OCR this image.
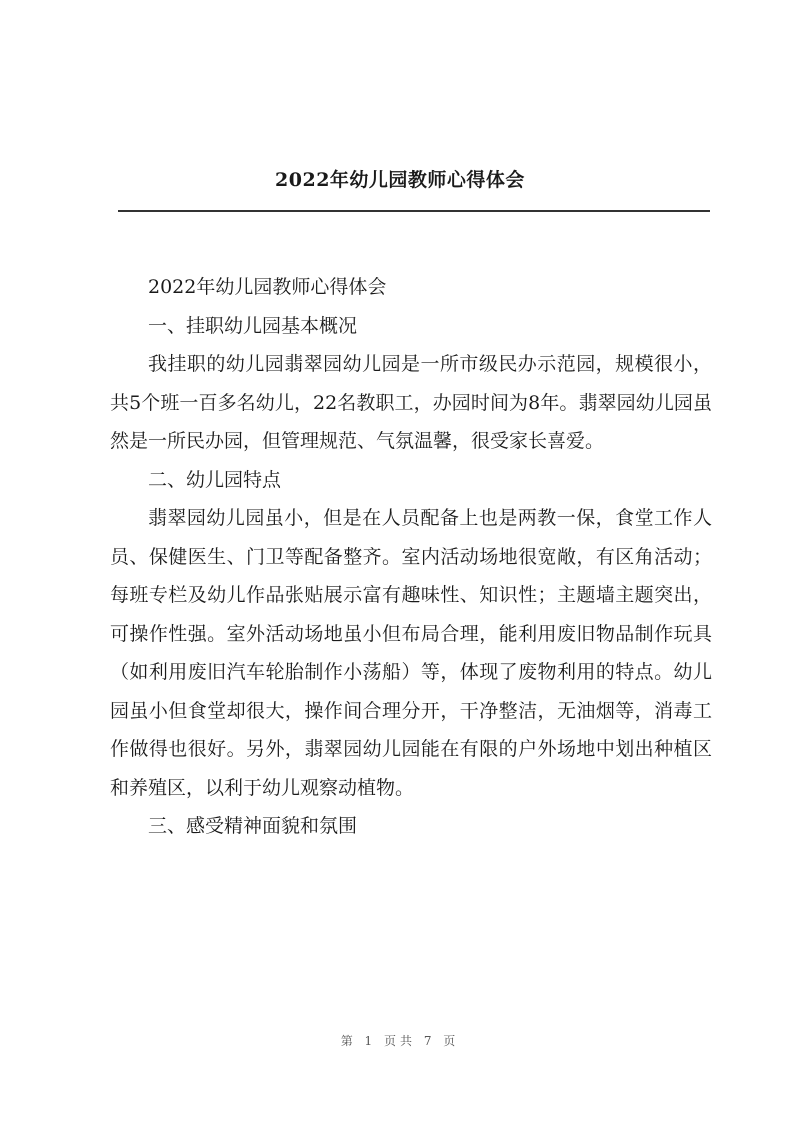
2022年幼儿园教师心得体会

2022年幼儿园教师心得体会

一、挂职幼儿园基本概况

我挂职的幼儿园翡翠园幼儿园是一所市级民办示范园，规模很小，共5个班一百多名幼儿，22名教职工，办园时间为8年。翡翠园幼儿园虽然是一所民办园，但管理规范、气氛温馨，很受家长喜爱。

二、幼儿园特点

翡翠园幼儿园虽小，但是在人员配备上也是两教一保，食堂工作人员、保健医生、门卫等配备整齐。室内活动场地很宽敞，有区角活动；每班专栏及幼儿作品张贴展示富有趣味性、知识性；主题墙主题突出，可操作性强。室外活动场地虽小但布局合理，能利用废旧物品制作玩具（如利用废旧汽车轮胎制作小荡船）等，体现了废物利用的特点。幼儿园虽小但食堂却很大，操作间合理分开，干净整洁，无油烟等，消毒工作做得也很好。另外，翡翠园幼儿园能在有限的户外场地中划出种植区和养殖区，以利于幼儿观察动植物。

三、感受精神面貌和氛围

第 1 页共 7 页
